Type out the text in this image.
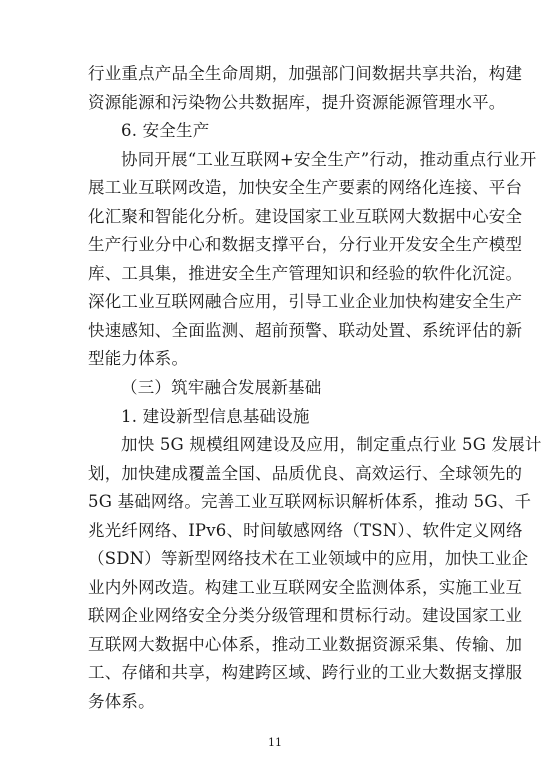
行业重点产品全生命周期，加强部门间数据共享共治，构建
资源能源和污染物公共数据库，提升资源能源管理水平。
6. 安全生产
协同开展“工业互联网+安全生产”行动，推动重点行业开
展工业互联网改造，加快安全生产要素的网络化连接、平台
化汇聚和智能化分析。建设国家工业互联网大数据中心安全
生产行业分中心和数据支撑平台，分行业开发安全生产模型
库、工具集，推进安全生产管理知识和经验的软件化沉淀。
深化工业互联网融合应用，引导工业企业加快构建安全生产
快速感知、全面监测、超前预警、联动处置、系统评估的新
型能力体系。
（三）筑牢融合发展新基础
1. 建设新型信息基础设施
加快 5G 规模组网建设及应用，制定重点行业 5G 发展计
划，加快建成覆盖全国、品质优良、高效运行、全球领先的
5G 基础网络。完善工业互联网标识解析体系，推动 5G、千
兆光纤网络、IPv6、时间敏感网络（TSN）、软件定义网络
（SDN）等新型网络技术在工业领域中的应用，加快工业企
业内外网改造。构建工业互联网安全监测体系，实施工业互
联网企业网络安全分类分级管理和贯标行动。建设国家工业
互联网大数据中心体系，推动工业数据资源采集、传输、加
工、存储和共享，构建跨区域、跨行业的工业大数据支撑服
务体系。
11
